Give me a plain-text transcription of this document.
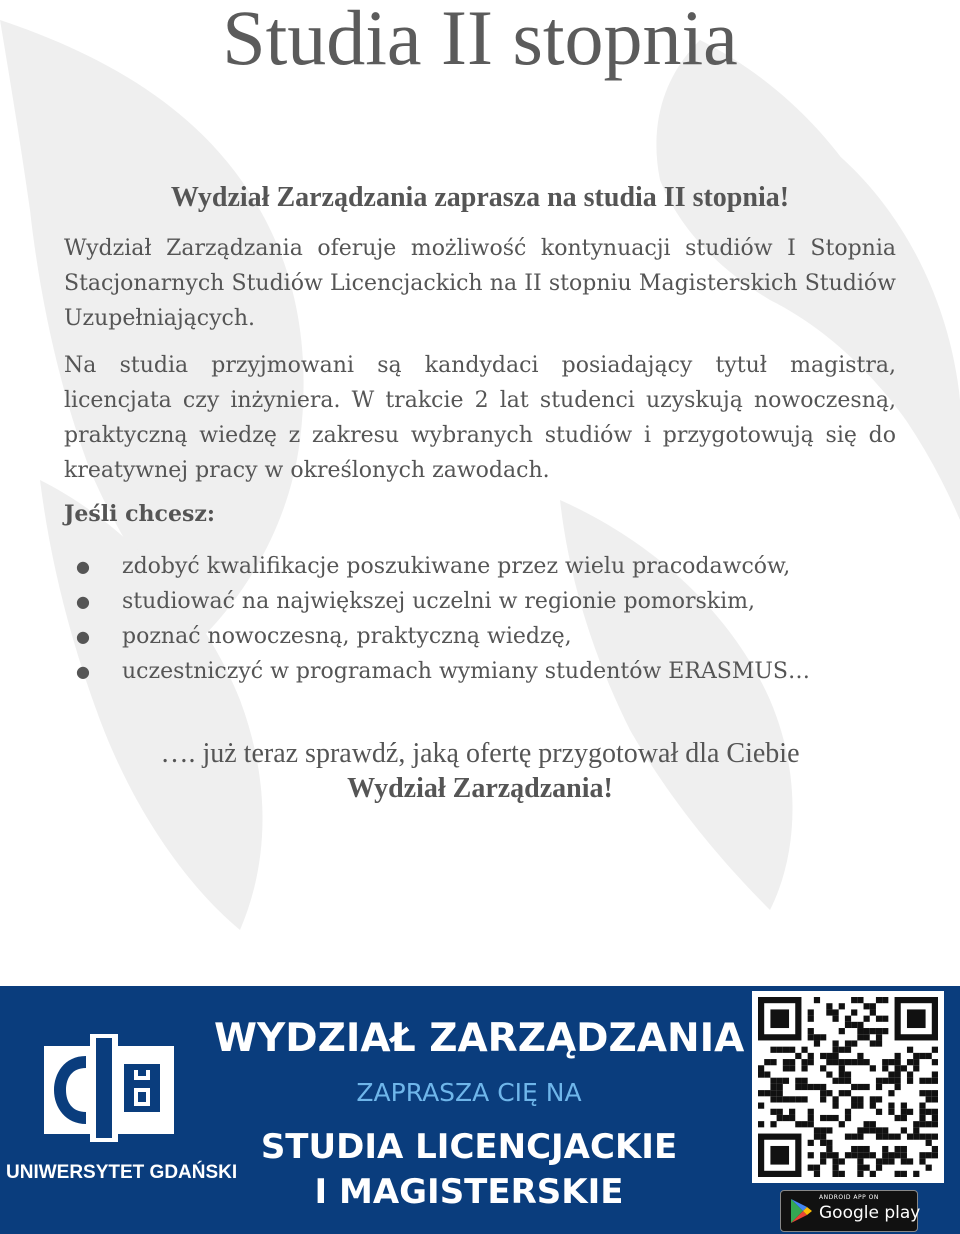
Studia II stopnia

Wydział Zarządzania zaprasza na studia II stopnia!

Wydział Zarządzania oferuje możliwość kontynuacji studiów I Stopnia Stacjonarnych Studiów Licencjackich na II stopniu Magisterskich Studiów Uzupełniających.

Na studia przyjmowani są kandydaci posiadający tytuł magistra, licencjata czy inżyniera. W trakcie 2 lat studenci uzyskują nowoczesną, praktyczną wiedzę z zakresu wybranych studiów i przygotowują się do kreatywnej pracy w określonych zawodach.

Jeśli chcesz:

● zdobyć kwalifikacje poszukiwane przez wielu pracodawców,
● studiować na największej uczelni w regionie pomorskim,
● poznać nowoczesną, praktyczną wiedzę,
● uczestniczyć w programach wymiany studentów ERASMUS…

…. już teraz sprawdź, jaką ofertę przygotował dla Ciebie
Wydział Zarządzania!

UNIWERSYTET GDAŃSKI
WYDZIAŁ ZARZĄDZANIA
ZAPRASZA CIĘ NA
STUDIA LICENCJACKIE
I MAGISTERSKIE	ANDROID APP ON
Google play
